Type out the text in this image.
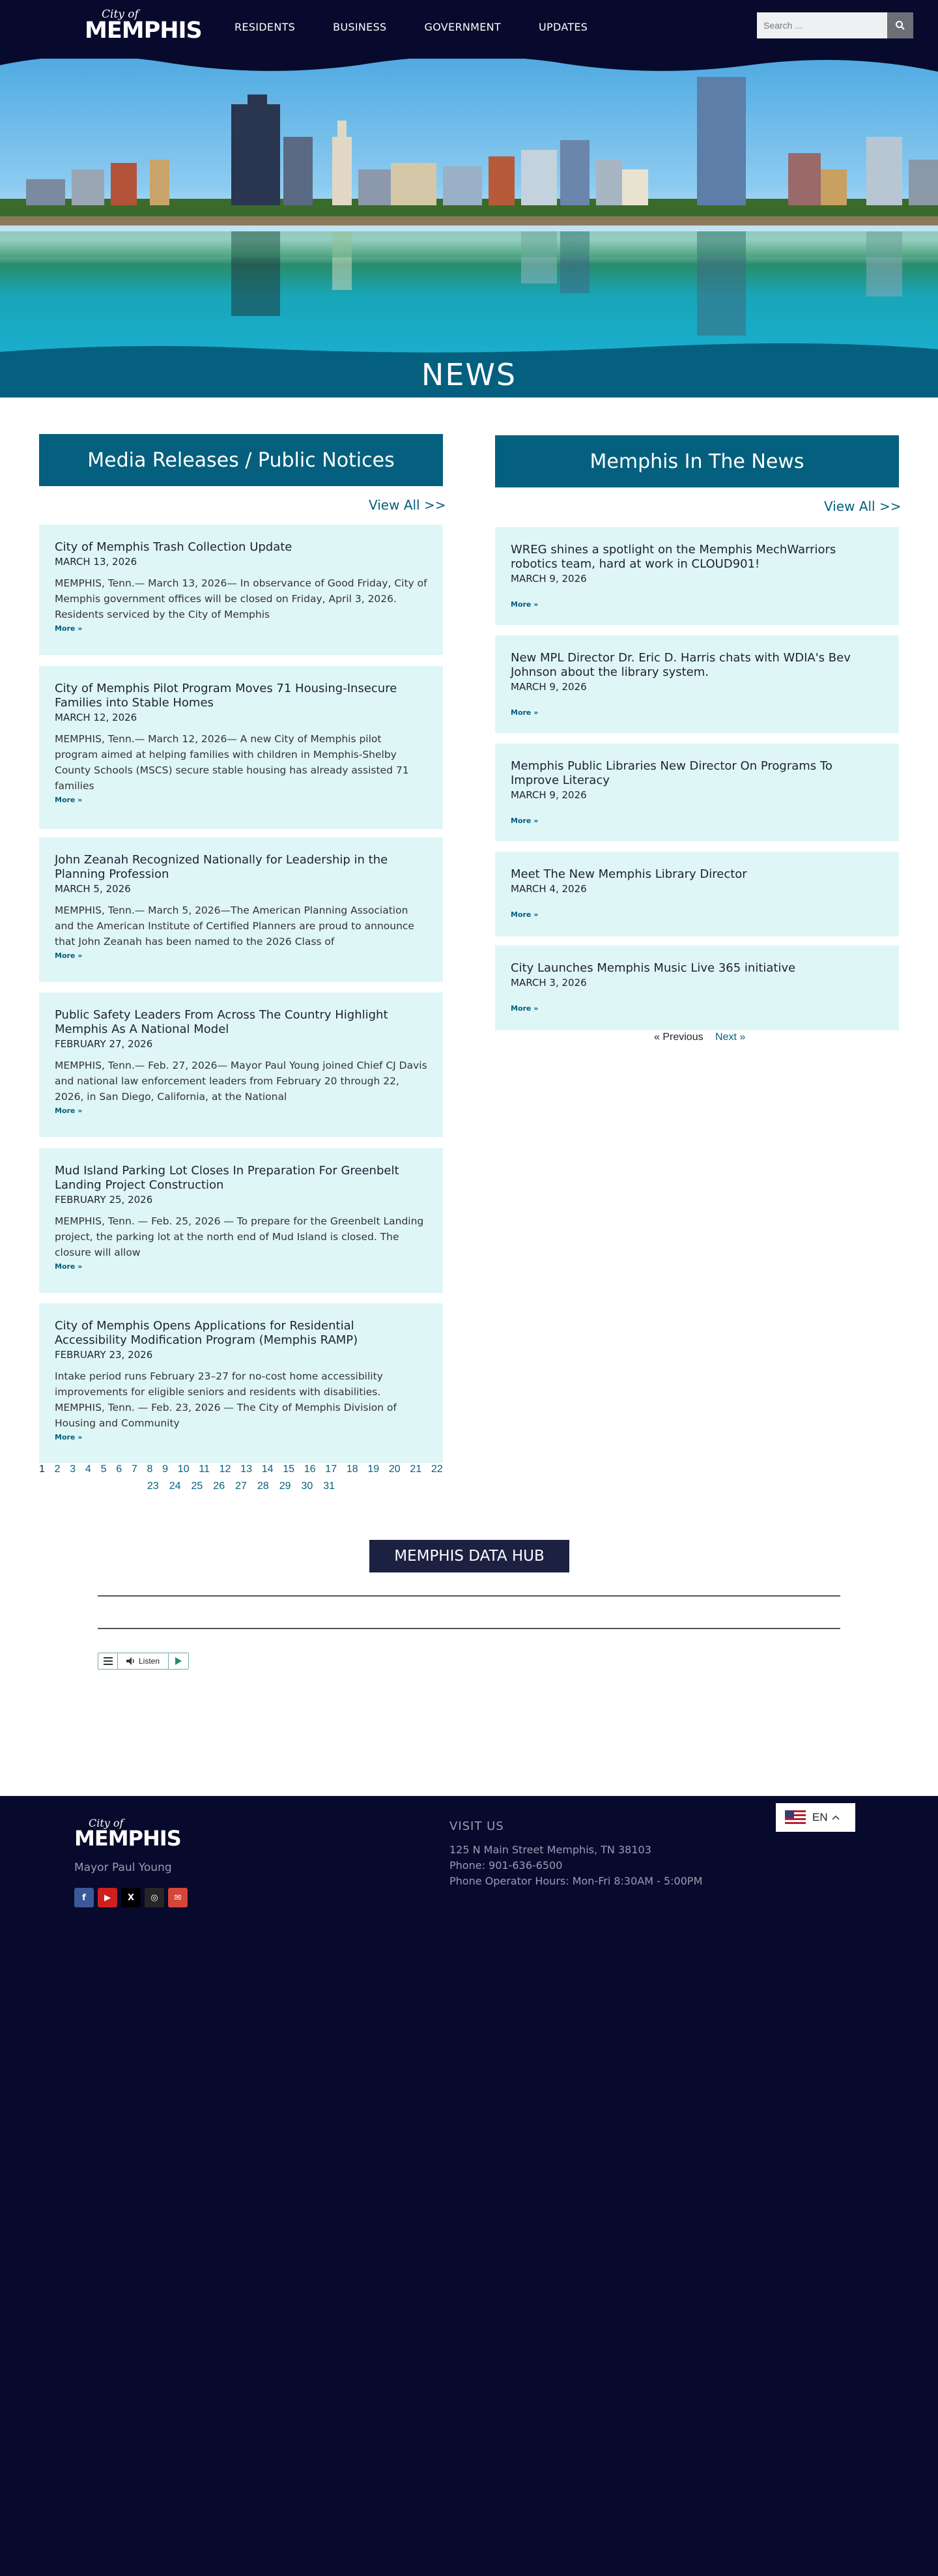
City of
MEMPHIS	RESIDENTS	BUSINESS	GOVERNMENT	UPDATES
Search ...
NEWS
Media Releases / Public Notices
View All >>
City of Memphis Trash Collection Update
MARCH 13, 2026
MEMPHIS, Tenn.— March 13, 2026— In observance of Good Friday, City of Memphis government offices will be closed on Friday, April 3, 2026. Residents serviced by the City of Memphis
More »
City of Memphis Pilot Program Moves 71 Housing-Insecure Families into Stable Homes
MARCH 12, 2026
MEMPHIS, Tenn.— March 12, 2026— A new City of Memphis pilot program aimed at helping families with children in Memphis-Shelby County Schools (MSCS) secure stable housing has already assisted 71 families
More »
John Zeanah Recognized Nationally for Leadership in the Planning Profession
MARCH 5, 2026
MEMPHIS, Tenn.— March 5, 2026—The American Planning Association and the American Institute of Certified Planners are proud to announce that John Zeanah has been named to the 2026 Class of
More »
Public Safety Leaders From Across The Country Highlight Memphis As A National Model
FEBRUARY 27, 2026
MEMPHIS, Tenn.— Feb. 27, 2026— Mayor Paul Young joined Chief CJ Davis and national law enforcement leaders from February 20 through 22, 2026, in San Diego, California, at the National
More »
Mud Island Parking Lot Closes In Preparation For Greenbelt Landing Project Construction
FEBRUARY 25, 2026
MEMPHIS, Tenn. — Feb. 25, 2026 — To prepare for the Greenbelt Landing project, the parking lot at the north end of Mud Island is closed. The closure will allow
More »
City of Memphis Opens Applications for Residential Accessibility Modification Program (Memphis RAMP)
FEBRUARY 23, 2026
Intake period runs February 23–27 for no-cost home accessibility improvements for eligible seniors and residents with disabilities. MEMPHIS, Tenn. — Feb. 23, 2026 — The City of Memphis Division of Housing and Community
More »
1 2 3 4 5 6 7 8 9 10 11 12 13 14 15 16 17 18 19 20 21 22
23 24 25 26 27 28 29 30 31
Memphis In The News
View All >>
WREG shines a spotlight on the Memphis MechWarriors robotics team, hard at work in CLOUD901!
MARCH 9, 2026
More »
New MPL Director Dr. Eric D. Harris chats with WDIA's Bev Johnson about the library system.
MARCH 9, 2026
More »
Memphis Public Libraries New Director On Programs To Improve Literacy
MARCH 9, 2026
More »
Meet The New Memphis Library Director
MARCH 4, 2026
More »
City Launches Memphis Music Live 365 initiative
MARCH 3, 2026
More »
« Previous Next »
MEMPHIS DATA HUB
Listen
City of
MEMPHIS
Mayor Paul Young
f	▶	X	◎	✉
VISIT US
125 N Main Street Memphis, TN 38103
Phone: 901-636-6500
Phone Operator Hours: Mon-Fri 8:30AM - 5:00PM
EN
